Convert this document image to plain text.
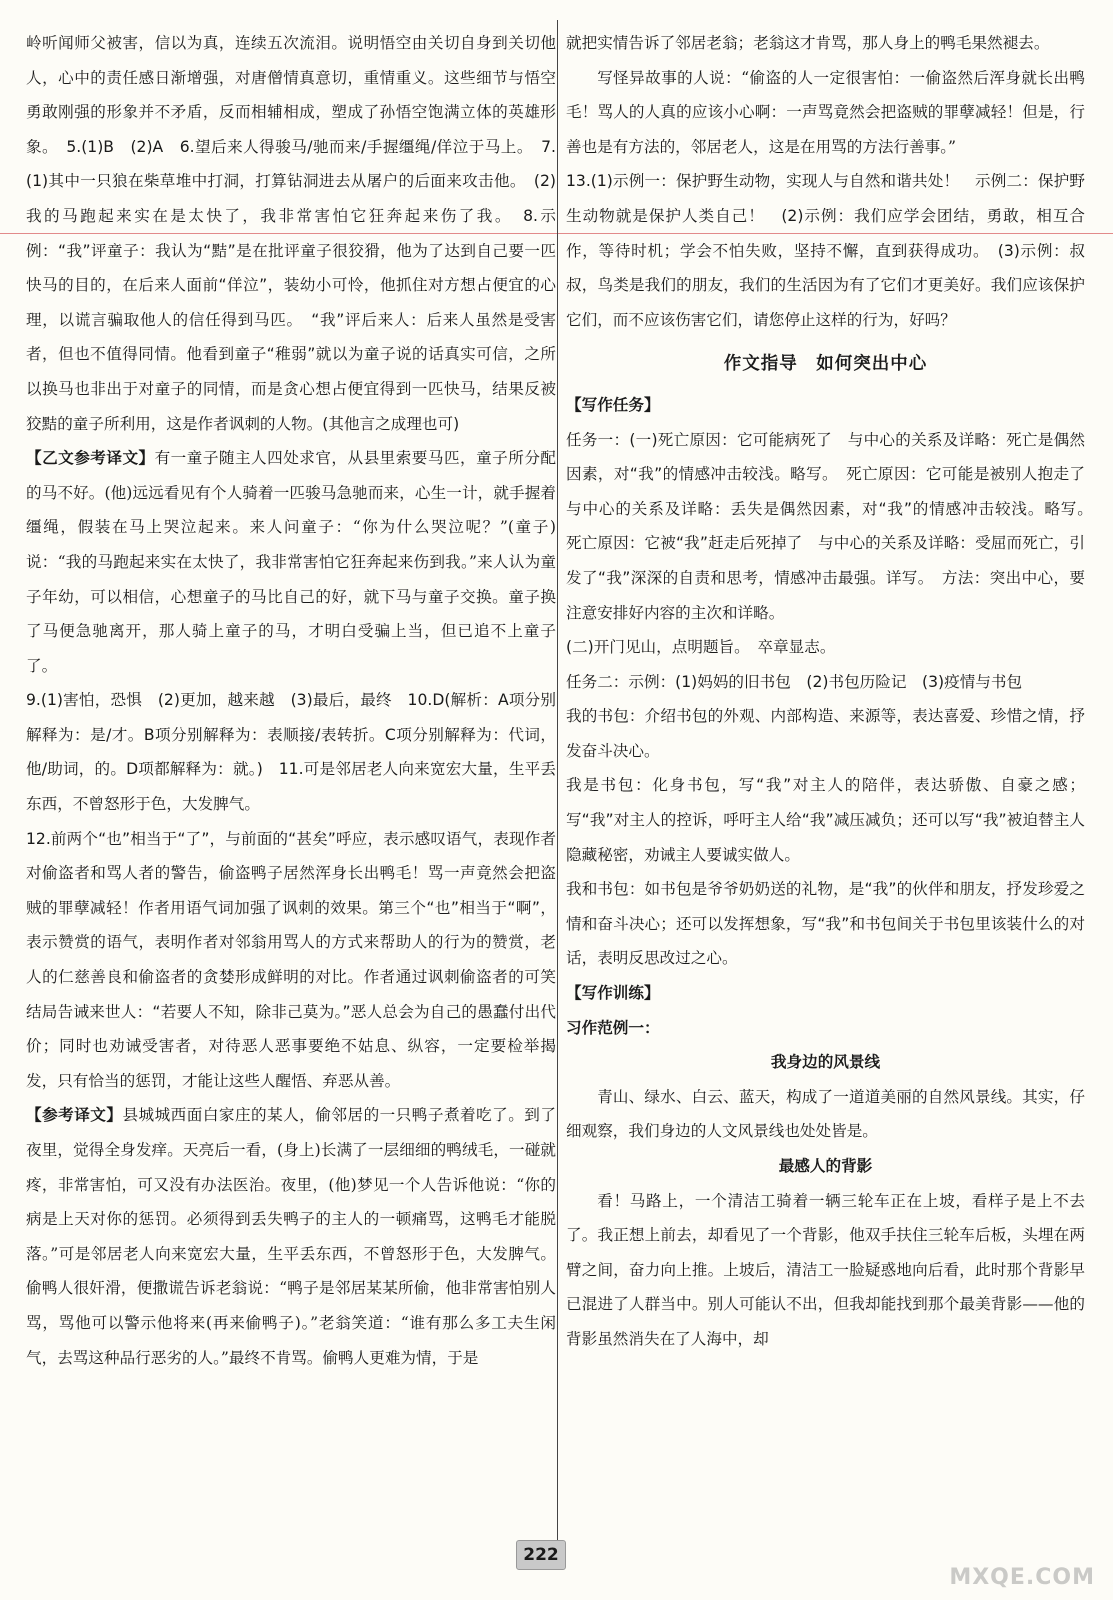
岭听闻师父被害，信以为真，连续五次流泪。说明悟空由关切自身到关切他人，心中的责任感日渐增强，对唐僧情真意切，重情重义。这些细节与悟空勇敢刚强的形象并不矛盾，反而相辅相成，塑成了孙悟空饱满立体的英雄形象。　5.(1)B　(2)A　6.望后来人得骏马/驰而来/手握缰绳/佯泣于马上。　7.(1)其中一只狼在柴草堆中打洞，打算钻洞进去从屠户的后面来攻击他。　(2)我的马跑起来实在是太快了，我非常害怕它狂奔起来伤了我。　8.示例：“我”评童子：我认为“黠”是在批评童子很狡猾，他为了达到自己要一匹快马的目的，在后来人面前“佯泣”，装幼小可怜，他抓住对方想占便宜的心理，以谎言骗取他人的信任得到马匹。　“我”评后来人：后来人虽然是受害者，但也不值得同情。他看到童子“稚弱”就以为童子说的话真实可信，之所以换马也非出于对童子的同情，而是贪心想占便宜得到一匹快马，结果反被狡黠的童子所利用，这是作者讽刺的人物。(其他言之成理也可)

【乙文参考译文】有一童子随主人四处求官，从县里索要马匹，童子所分配的马不好。(他)远远看见有个人骑着一匹骏马急驰而来，心生一计，就手握着缰绳，假装在马上哭泣起来。来人问童子：“你为什么哭泣呢？”(童子)说：“我的马跑起来实在太快了，我非常害怕它狂奔起来伤到我。”来人认为童子年幼，可以相信，心想童子的马比自己的好，就下马与童子交换。童子换了马便急驰离开，那人骑上童子的马，才明白受骗上当，但已追不上童子了。

9.(1)害怕，恐惧　(2)更加，越来越　(3)最后，最终　10.D(解析：A项分别解释为：是/才。B项分别解释为：表顺接/表转折。C项分别解释为：代词，他/助词，的。D项都解释为：就。)　11.可是邻居老人向来宽宏大量，生平丢东西，不曾怒形于色，大发脾气。

12.前两个“也”相当于“了”，与前面的“甚矣”呼应，表示感叹语气，表现作者对偷盗者和骂人者的警告，偷盗鸭子居然浑身长出鸭毛！骂一声竟然会把盗贼的罪孽减轻！作者用语气词加强了讽刺的效果。第三个“也”相当于“啊”，表示赞赏的语气，表明作者对邻翁用骂人的方式来帮助人的行为的赞赏，老人的仁慈善良和偷盗者的贪婪形成鲜明的对比。作者通过讽刺偷盗者的可笑结局告诫来世人：“若要人不知，除非己莫为。”恶人总会为自己的愚蠢付出代价；同时也劝诫受害者，对待恶人恶事要绝不姑息、纵容，一定要检举揭发，只有恰当的惩罚，才能让这些人醒悟、弃恶从善。

【参考译文】县城城西面白家庄的某人，偷邻居的一只鸭子煮着吃了。到了夜里，觉得全身发痒。天亮后一看，(身上)长满了一层细细的鸭绒毛，一碰就疼，非常害怕，可又没有办法医治。夜里，(他)梦见一个人告诉他说：“你的病是上天对你的惩罚。必须得到丢失鸭子的主人的一顿痛骂，这鸭毛才能脱落。”可是邻居老人向来宽宏大量，生平丢东西，不曾怒形于色，大发脾气。偷鸭人很奸滑，便撒谎告诉老翁说：“鸭子是邻居某某所偷，他非常害怕别人骂，骂他可以警示他将来(再来偷鸭子)。”老翁笑道：“谁有那么多工夫生闲气，去骂这种品行恶劣的人。”最终不肯骂。偷鸭人更难为情，于是

就把实情告诉了邻居老翁；老翁这才肯骂，那人身上的鸭毛果然褪去。

写怪异故事的人说：“偷盗的人一定很害怕：一偷盗然后浑身就长出鸭毛！骂人的人真的应该小心啊：一声骂竟然会把盗贼的罪孽减轻！但是，行善也是有方法的，邻居老人，这是在用骂的方法行善事。”

13.(1)示例一：保护野生动物，实现人与自然和谐共处！　示例二：保护野生动物就是保护人类自己！　(2)示例：我们应学会团结，勇敢，相互合作，等待时机；学会不怕失败，坚持不懈，直到获得成功。　(3)示例：叔叔，鸟类是我们的朋友，我们的生活因为有了它们才更美好。我们应该保护它们，而不应该伤害它们，请您停止这样的行为，好吗？

作文指导　如何突出中心

【写作任务】

任务一：(一)死亡原因：它可能病死了　与中心的关系及详略：死亡是偶然因素，对“我”的情感冲击较浅。略写。　死亡原因：它可能是被别人抱走了　与中心的关系及详略：丢失是偶然因素，对“我”的情感冲击较浅。略写。　死亡原因：它被“我”赶走后死掉了　与中心的关系及详略：受屈而死亡，引发了“我”深深的自责和思考，情感冲击最强。详写。　方法：突出中心，要注意安排好内容的主次和详略。

(二)开门见山，点明题旨。　卒章显志。

任务二：示例：(1)妈妈的旧书包　(2)书包历险记　(3)疫情与书包

我的书包：介绍书包的外观、内部构造、来源等，表达喜爱、珍惜之情，抒发奋斗决心。

我是书包：化身书包，写“我”对主人的陪伴，表达骄傲、自豪之感；写“我”对主人的控诉，呼吁主人给“我”减压减负；还可以写“我”被迫替主人隐藏秘密，劝诫主人要诚实做人。

我和书包：如书包是爷爷奶奶送的礼物，是“我”的伙伴和朋友，抒发珍爱之情和奋斗决心；还可以发挥想象，写“我”和书包间关于书包里该装什么的对话，表明反思改过之心。

【写作训练】

习作范例一：

我身边的风景线

青山、绿水、白云、蓝天，构成了一道道美丽的自然风景线。其实，仔细观察，我们身边的人文风景线也处处皆是。

最感人的背影

看！马路上，一个清洁工骑着一辆三轮车正在上坡，看样子是上不去了。我正想上前去，却看见了一个背影，他双手扶住三轮车后板，头埋在两臂之间，奋力向上推。上坡后，清洁工一脸疑惑地向后看，此时那个背影早已混进了人群当中。别人可能认不出，但我却能找到那个最美背影——他的背影虽然消失在了人海中，却

222
MXQE.COM
